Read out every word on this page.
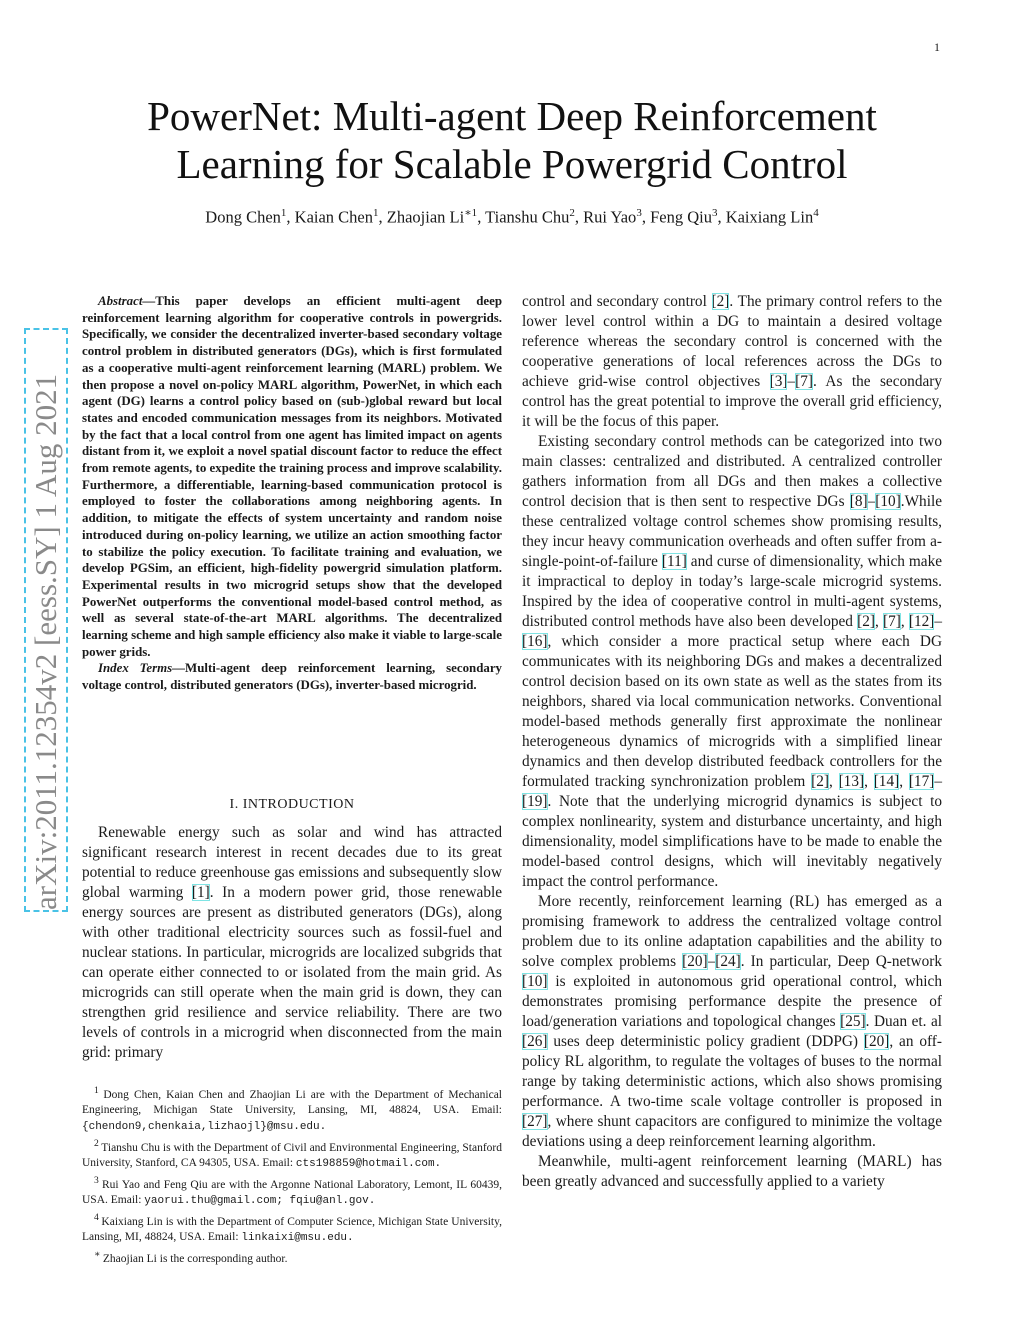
1
arXiv:2011.12354v2 [eess.SY] 1 Aug 2021
PowerNet: Multi-agent Deep Reinforcement
Learning for Scalable Powergrid Control
Dong Chen$^1$, Kaian Chen$^1$, Zhaojian $Li^{∗1}$, Tianshu Chu$^2$, Rui Yao$^3$, Feng Qiu$^3$, Kaixiang Lin$^4$

Abstract—This paper develops an efficient multi-agent deep reinforcement learning algorithm for cooperative controls in powergrids. Specifically, we consider the decentralized inverter-based secondary voltage control problem in distributed generators (DGs), which is first formulated as a cooperative multi-agent reinforcement learning (MARL) problem. We then propose a novel on-policy MARL algorithm, PowerNet, in which each agent (DG) learns a control policy based on (sub-)global reward but local states and encoded communication messages from its neighbors. Motivated by the fact that a local control from one agent has limited impact on agents distant from it, we exploit a novel spatial discount factor to reduce the effect from remote agents, to expedite the training process and improve scalability. Furthermore, a differentiable, learning-based communication protocol is employed to foster the collaborations among neighboring agents. In addition, to mitigate the effects of system uncertainty and random noise introduced during on-policy learning, we utilize an action smoothing factor to stabilize the policy execution. To facilitate training and evaluation, we develop PGSim, an efficient, high-fidelity powergrid simulation platform. Experimental results in two microgrid setups show that the developed PowerNet outperforms the conventional model-based control method, as well as several state-of-the-art MARL algorithms. The decentralized learning scheme and high sample efficiency also make it viable to large-scale power grids.

Index Terms—Multi-agent deep reinforcement learning, secondary voltage control, distributed generators (DGs), inverter-based microgrid.

I. INTRODUCTION

Renewable energy such as solar and wind has attracted significant research interest in recent decades due to its great potential to reduce greenhouse gas emissions and subsequently slow global warming [1]. In a modern power grid, those renewable energy sources are present as distributed generators (DGs), along with other traditional electricity sources such as fossil-fuel and nuclear stations. In particular, microgrids are localized subgrids that can operate either connected to or isolated from the main grid. As microgrids can still operate when the main grid is down, they can strengthen grid resilience and service reliability. There are two levels of controls in a microgrid when disconnected from the main grid: primary

$^1$ Dong Chen, Kaian Chen and Zhaojian Li are with the Department of Mechanical Engineering, Michigan State University, Lansing, MI, 48824, USA. Email: {chendon9,chenkaia,lizhaojl}@msu.edu.

$^2$ Tianshu Chu is with the Department of Civil and Environmental Engineering, Stanford University, Stanford, CA 94305, USA. Email: cts198859@hotmail.com.

$^3$ Rui Yao and Feng Qiu are with the Argonne National Laboratory, Lemont, IL 60439, USA. Email: yaorui.thu@gmail.com; fqiu@anl.gov.

$^4$ Kaixiang Lin is with the Department of Computer Science, Michigan State University, Lansing, MI, 48824, USA. Email: linkaixi@msu.edu.

∗ Zhaojian Li is the corresponding author.

control and secondary control [2]. The primary control refers to the lower level control within a DG to maintain a desired voltage reference whereas the secondary control is concerned with the cooperative generations of local references across the DGs to achieve grid-wise control objectives [3]–[7]. As the secondary control has the great potential to improve the overall grid efficiency, it will be the focus of this paper.

Existing secondary control methods can be categorized into two main classes: centralized and distributed. A centralized controller gathers information from all DGs and then makes a collective control decision that is then sent to respective DGs [8]–[10].While these centralized voltage control schemes show promising results, they incur heavy communication overheads and often suffer from a-single-point-of-failure [11] and curse of dimensionality, which make it impractical to deploy in today’s large-scale microgrid systems. Inspired by the idea of cooperative control in multi-agent systems, distributed control methods have also been developed [2], [7], [12]–[16], which consider a more practical setup where each DG communicates with its neighboring DGs and makes a decentralized control decision based on its own state as well as the states from its neighbors, shared via local communication networks. Conventional model-based methods generally first approximate the nonlinear heterogeneous dynamics of microgrids with a simplified linear dynamics and then develop distributed feedback controllers for the formulated tracking synchronization problem [2], [13], [14], [17]–[19]. Note that the underlying microgrid dynamics is subject to complex nonlinearity, system and disturbance uncertainty, and high dimensionality, model simplifications have to be made to enable the model-based control designs, which will inevitably negatively impact the control performance.

More recently, reinforcement learning (RL) has emerged as a promising framework to address the centralized voltage control problem due to its online adaptation capabilities and the ability to solve complex problems [20]–[24]. In particular, Deep Q-network [10] is exploited in autonomous grid operational control, which demonstrates promising performance despite the presence of load/generation variations and topological changes [25]. Duan et. al [26] uses deep deterministic policy gradient (DDPG) [20], an off-policy RL algorithm, to regulate the voltages of buses to the normal range by taking deterministic actions, which also shows promising performance. A two-time scale voltage controller is proposed in [27], where shunt capacitors are configured to minimize the voltage deviations using a deep reinforcement learning algorithm.

Meanwhile, multi-agent reinforcement learning (MARL) has been greatly advanced and successfully applied to a variety
